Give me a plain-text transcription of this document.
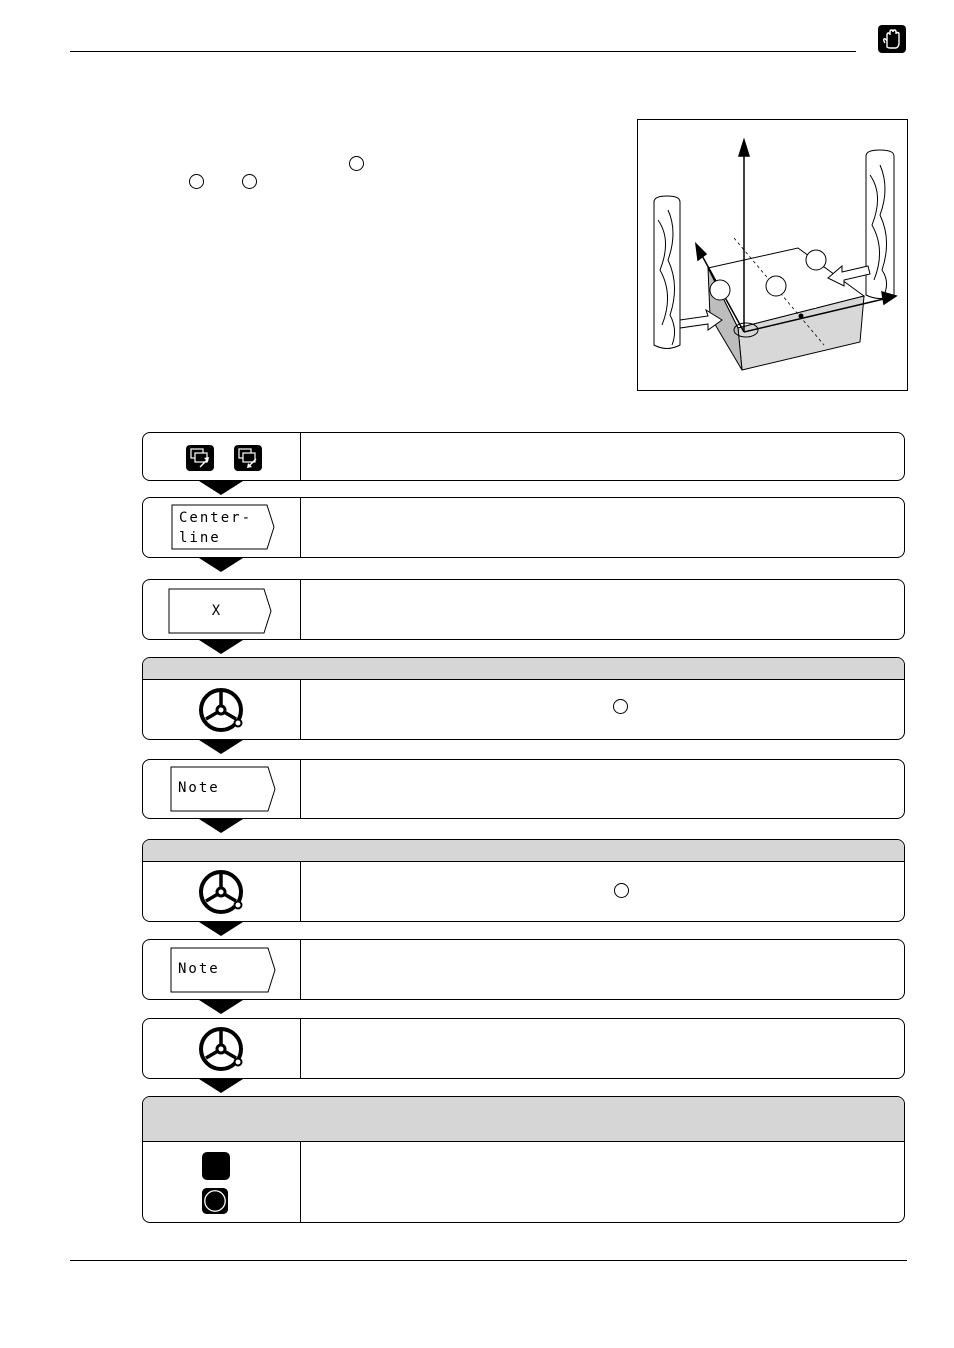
Center-
line
X
Note
Note
